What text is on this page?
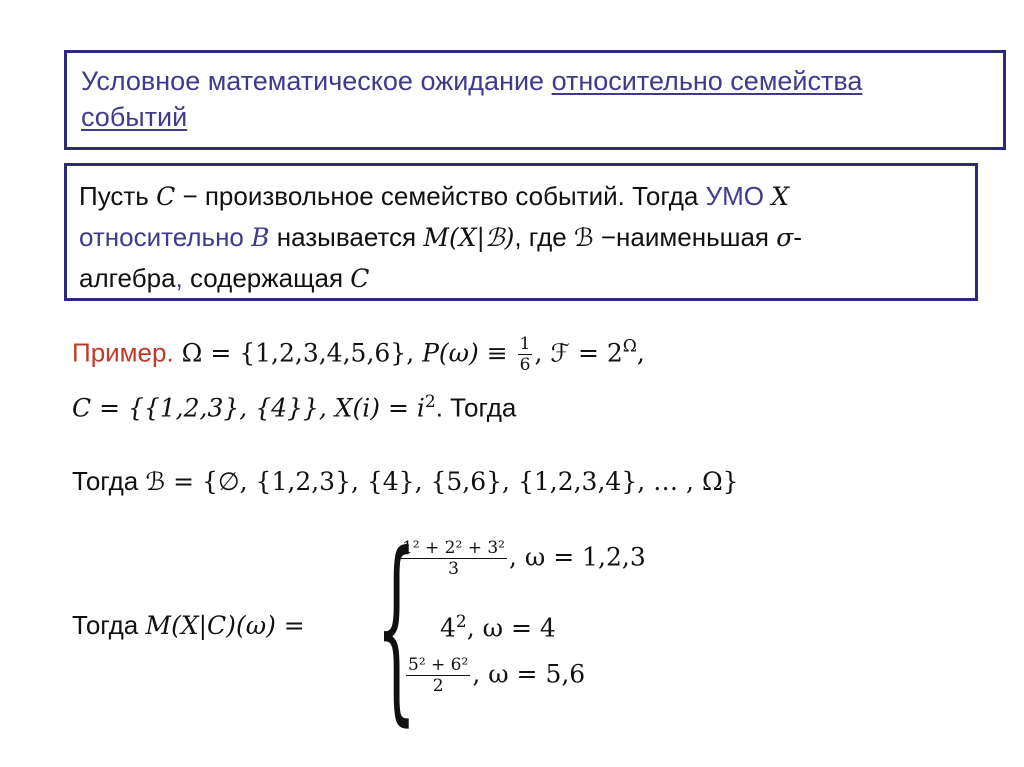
Условное математическое ожидание относительно семейства
событий
Пусть C − произвольное семейство событий. Тогда УМО X
относительно B называется M(X|ℬ), где ℬ −наименьшая σ-
алгебра, содержащая C
Пример. Ω = {1,2,3,4,5,6}, $P(\omega) \equiv \frac{1}{6}$ , ℱ = $2^\Omega$,
C = {{1,2,3}, {4}}, $X(i) = i^2$. Тогда
Тогда ℬ = {∅, {1,2,3}, {4}, {5,6}, {1,2,3,4}, … , Ω}
Тогда M(X|C)(ω) = {
$\frac{\text{1² + 2² + 3²}}{3}$ , ω = 1,2,3
$4^2$, ω = 4
$\frac{\text{5² + 6²}}{2}$ , ω = 5,6
